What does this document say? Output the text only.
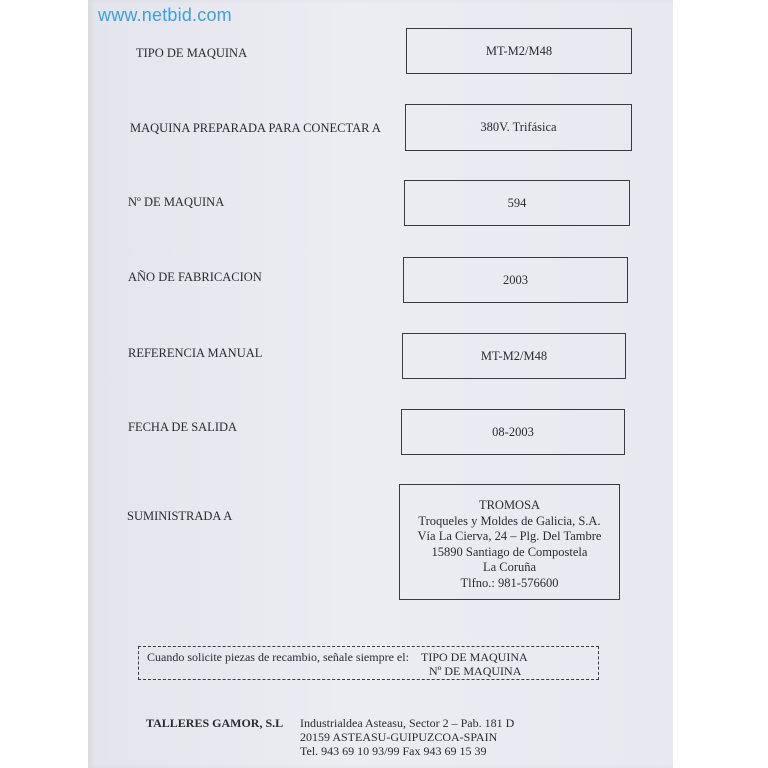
www.netbid.com
TIPO DE MAQUINA	MT-M2/M48
MAQUINA PREPARADA PARA CONECTAR A	380V. Trifásica
Nº DE MAQUINA	594
AÑO DE FABRICACION	2003
REFERENCIA MANUAL	MT-M2/M48
FECHA DE SALIDA	08-2003
SUMINISTRADA A
TROMOSA
Troqueles y Moldes de Galicia, S.A.
Vía La Cierva, 24 – Plg. Del Tambre
15890 Santiago de Compostela
La Coruña
Tlfno.: 981-576600
Cuando solicite piezas de recambio, señale siempre el: TIPO DE MAQUINA
Nº DE MAQUINA
TALLERES GAMOR, S.L Industrialdea Asteasu, Sector 2 – Pab. 181 D
20159 ASTEASU-GUIPUZCOA-SPAIN
Tel. 943 69 10 93/99 Fax 943 69 15 39
